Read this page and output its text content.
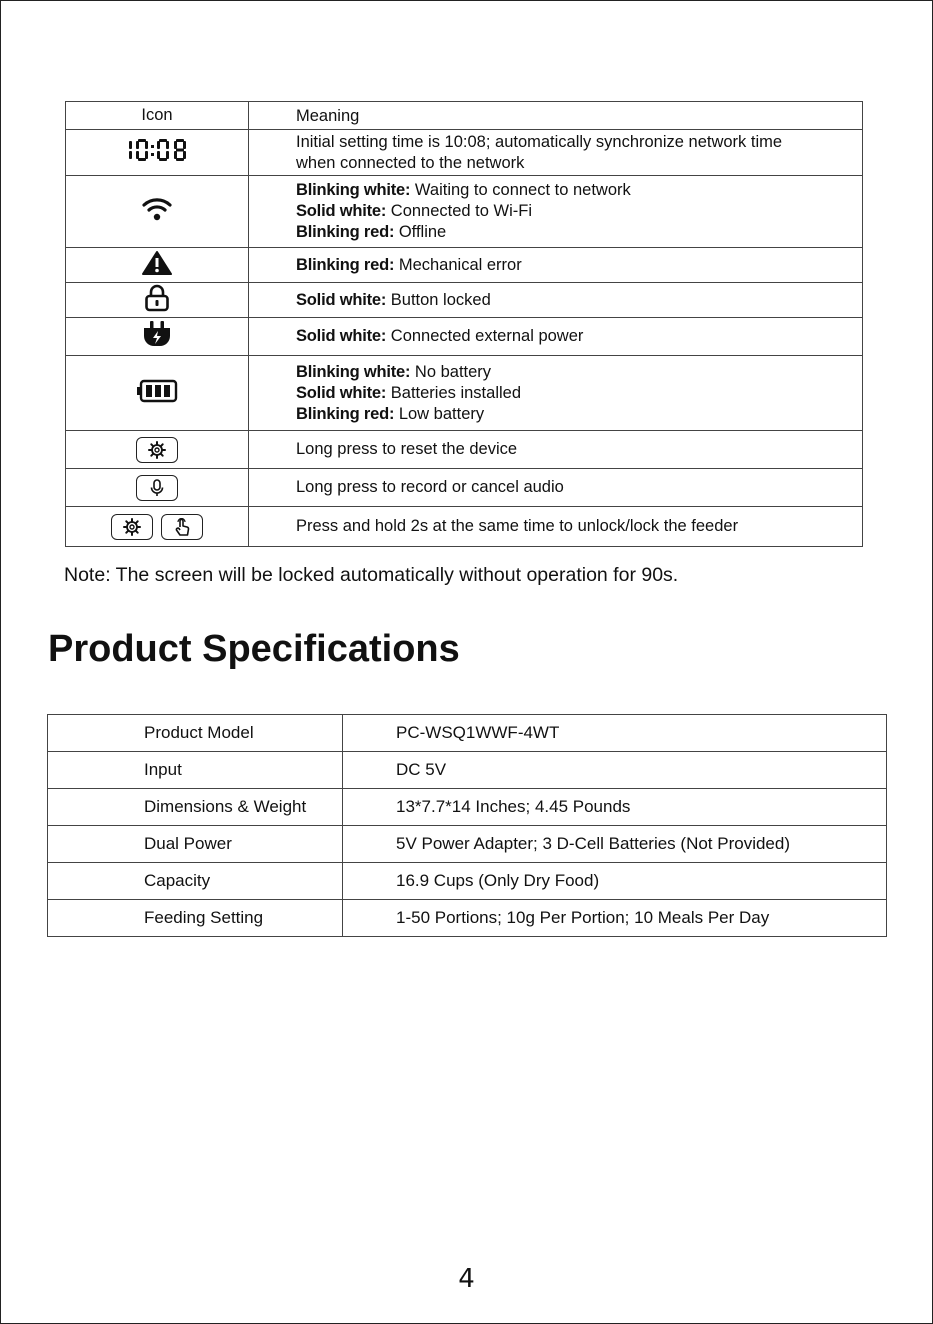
Icon	Meaning

Initial setting time is 10:08; automatically synchronize network time
when connected to the network

Blinking white: Waiting to connect to network
Solid white: Connected to Wi-Fi
Blinking red: Offline

Blinking red: Mechanical error

Solid white: Button locked

Solid white: Connected external power

Blinking white: No battery
Solid white: Batteries installed
Blinking red: Low battery

Long press to reset the device

Long press to record or cancel audio

Press and hold 2s at the same time to unlock/lock the feeder
Note: The screen will be locked automatically without operation for 90s.
Product Specifications
Product Model	PC-WSQ1WWF-4WT
Input	DC 5V
Dimensions & Weight	13*7.7*14 Inches; 4.45 Pounds
Dual Power	5V Power Adapter; 3 D-Cell Batteries (Not Provided)
Capacity	16.9 Cups (Only Dry Food)
Feeding Setting	1-50 Portions; 10g Per Portion; 10 Meals Per Day
4
